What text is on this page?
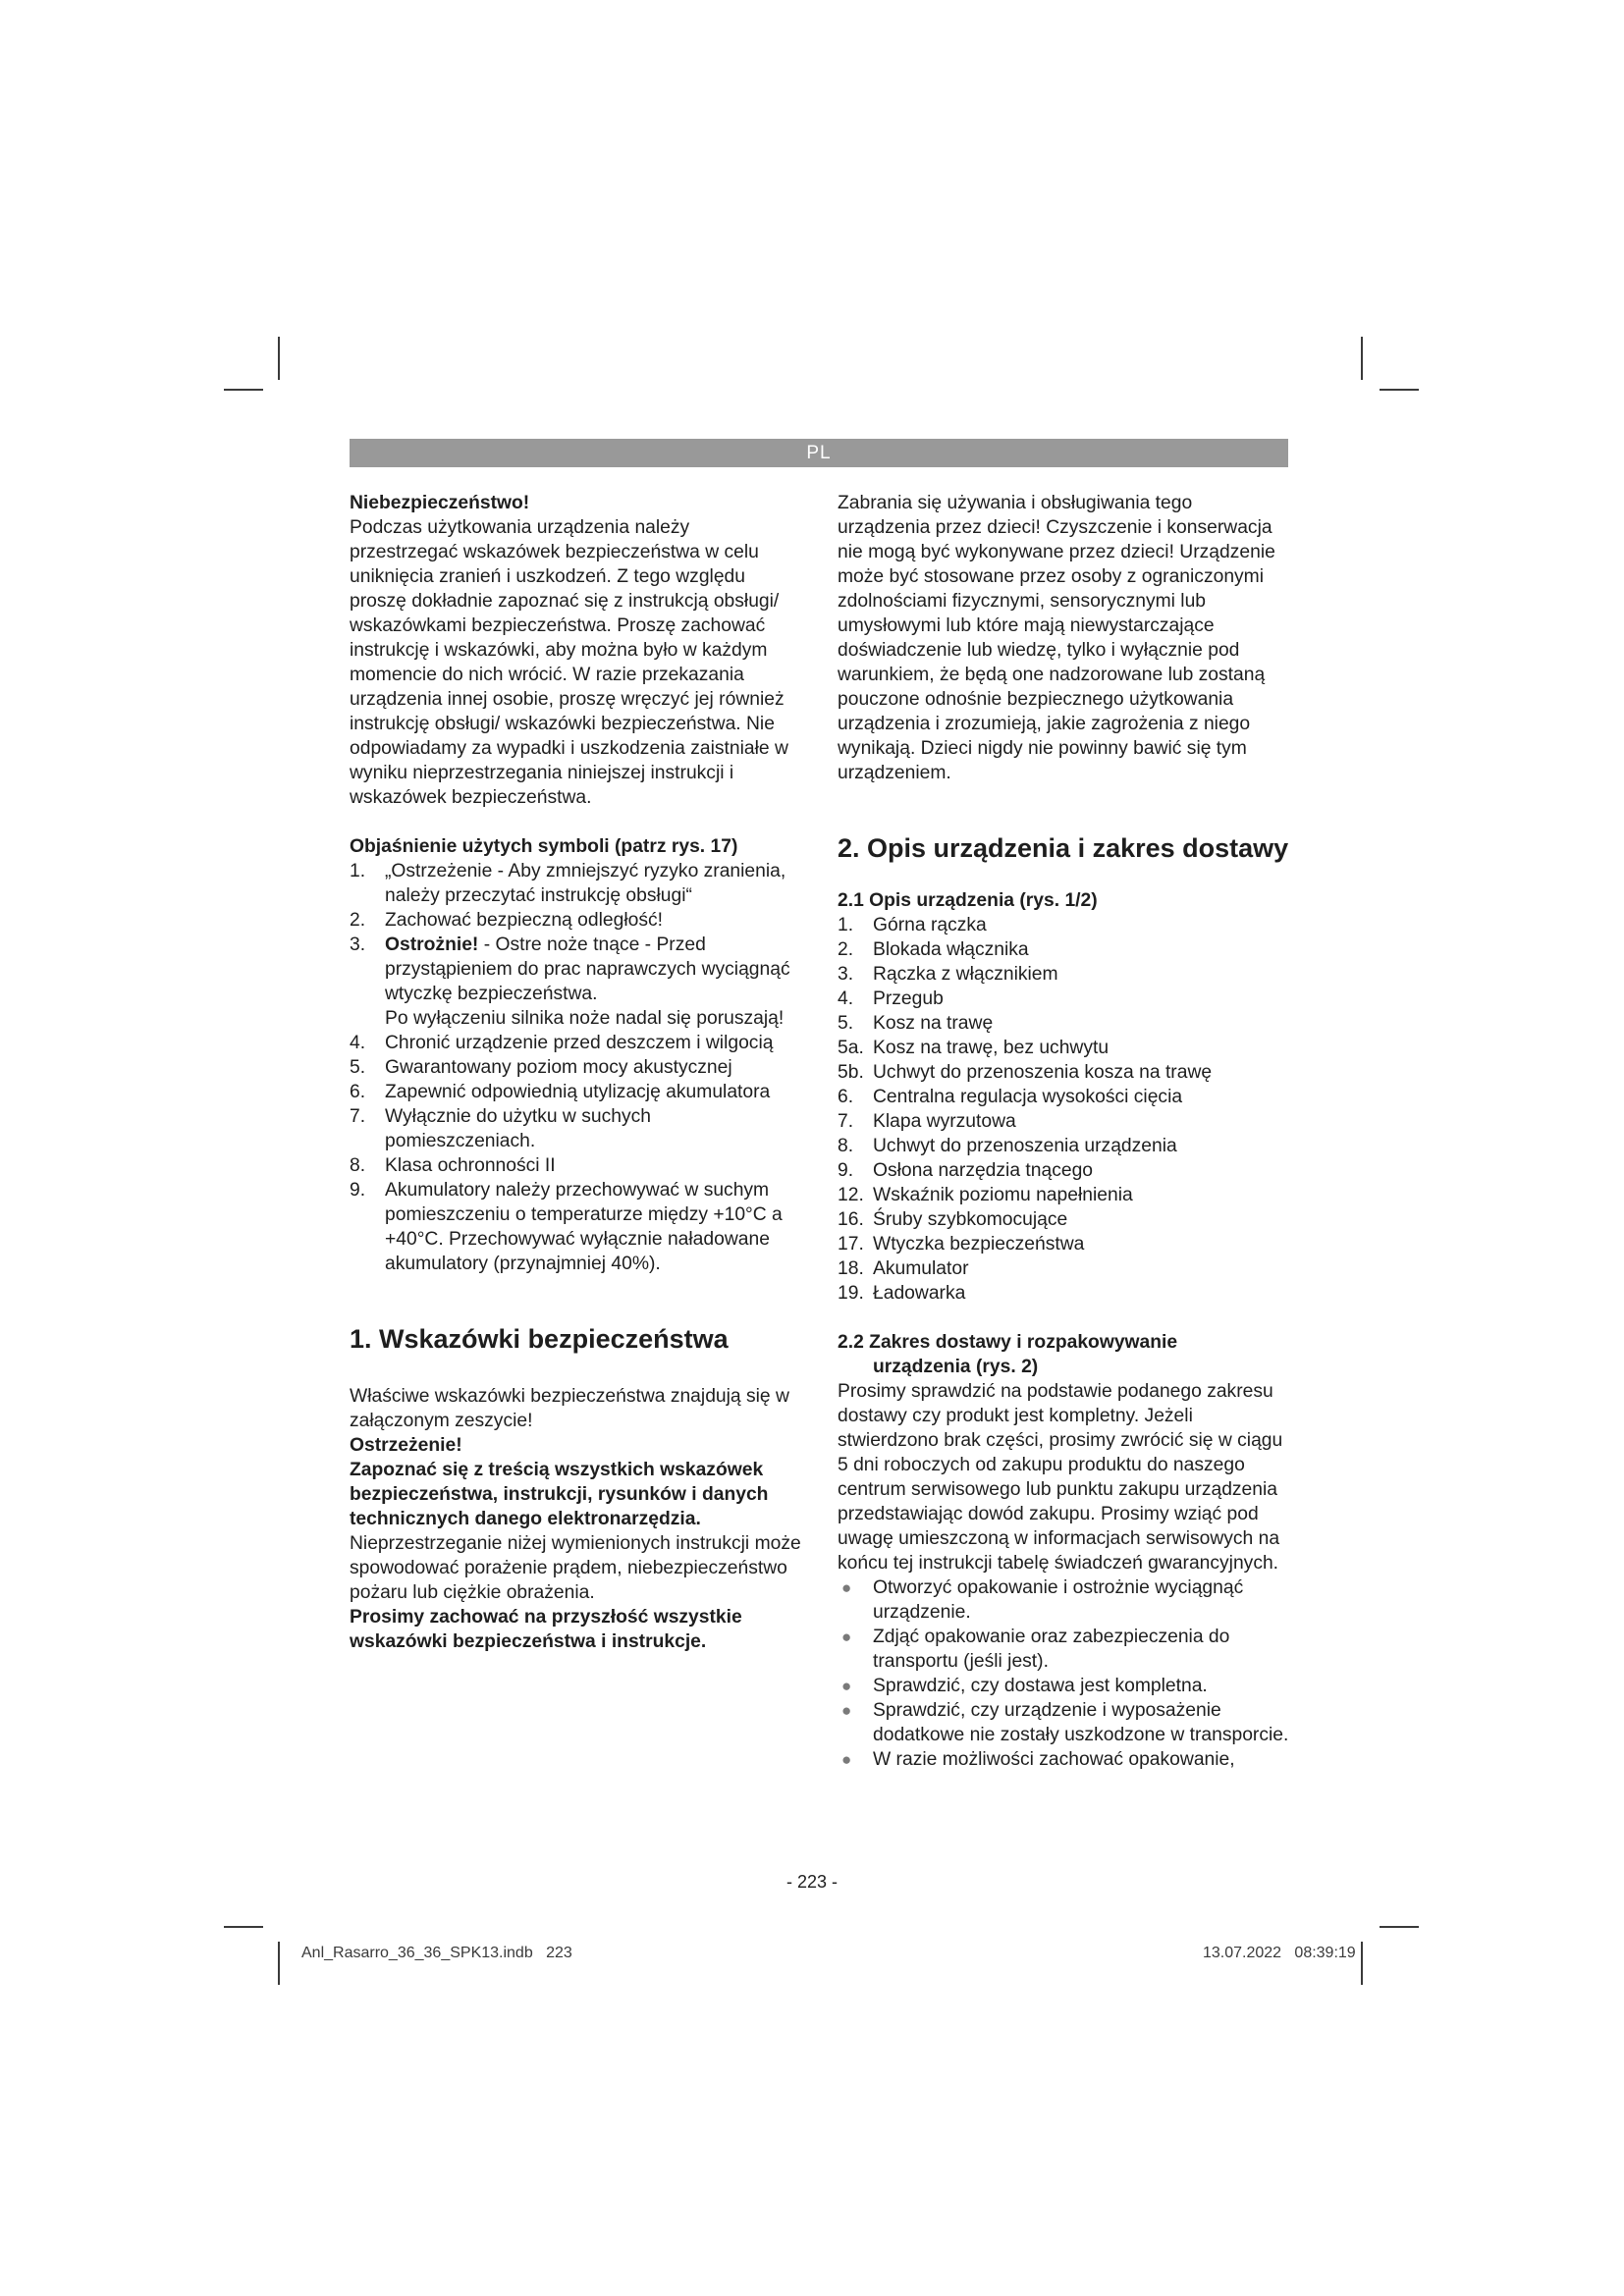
PL

Niebezpieczeństwo!

Podczas użytkowania urządzenia należy przestrzegać wskazówek bezpieczeństwa w celu uniknięcia zranień i uszkodzeń. Z tego względu proszę dokładnie zapoznać się z instrukcją obsługi/ wskazówkami bezpieczeństwa. Proszę zachować instrukcję i wskazówki, aby można było w każdym momencie do nich wrócić. W razie przekazania urządzenia innej osobie, proszę wręczyć jej również instrukcję obsługi/ wskazówki bezpieczeństwa. Nie odpowiadamy za wypadki i uszkodzenia zaistniałe w wyniku nieprzestrzegania niniejszej instrukcji i wskazówek bezpieczeństwa.

Objaśnienie użytych symboli (patrz rys. 17)

1. „Ostrzeżenie - Aby zmniejszyć ryzyko zranienia, należy przeczytać instrukcję obsługi“
2. Zachować bezpieczną odległość!
3. Ostrożnie! - Ostre noże tnące - Przed przystąpieniem do prac naprawczych wyciągnąć wtyczkę bezpieczeństwa.
Po wyłączeniu silnika noże nadal się poruszają!
4. Chronić urządzenie przed deszczem i wilgocią
5. Gwarantowany poziom mocy akustycznej
6. Zapewnić odpowiednią utylizację akumulatora
7. Wyłącznie do użytku w suchych pomieszczeniach.
8. Klasa ochronności II
9. Akumulatory należy przechowywać w suchym pomieszczeniu o temperaturze między +10°C a +40°C. Przechowywać wyłącznie naładowane akumulatory (przynajmniej 40%).

1. Wskazówki bezpieczeństwa

Właściwe wskazówki bezpieczeństwa znajdują się w załączonym zeszycie!

Ostrzeżenie!

Zapoznać się z treścią wszystkich wskazówek bezpieczeństwa, instrukcji, rysunków i danych technicznych danego elektronarzędzia. Nieprzestrzeganie niżej wymienionych instrukcji może spowodować porażenie prądem, niebezpieczeństwo pożaru lub ciężkie obrażenia.

Prosimy zachować na przyszłość wszystkie wskazówki bezpieczeństwa i instrukcje.

Zabrania się używania i obsługiwania tego urządzenia przez dzieci! Czyszczenie i konserwacja nie mogą być wykonywane przez dzieci! Urządzenie może być stosowane przez osoby z ograniczonymi zdolnościami fizycznymi, sensorycznymi lub umysłowymi lub które mają niewystarczające doświadczenie lub wiedzę, tylko i wyłącznie pod warunkiem, że będą one nadzorowane lub zostaną pouczone odnośnie bezpiecznego użytkowania urządzenia i zrozumieją, jakie zagrożenia z niego wynikają. Dzieci nigdy nie powinny bawić się tym urządzeniem.

2. Opis urządzenia i zakres dostawy

2.1 Opis urządzenia (rys. 1/2)

1. Górna rączka
2. Blokada włącznika
3. Rączka z włącznikiem
4. Przegub
5. Kosz na trawę
5a. Kosz na trawę, bez uchwytu
5b. Uchwyt do przenoszenia kosza na trawę
6. Centralna regulacja wysokości cięcia
7. Klapa wyrzutowa
8. Uchwyt do przenoszenia urządzenia
9. Osłona narzędzia tnącego
12. Wskaźnik poziomu napełnienia
16. Śruby szybkomocujące
17. Wtyczka bezpieczeństwa
18. Akumulator
19. Ładowarka

2.2 Zakres dostawy i rozpakowywanie
urządzenia (rys. 2)

Prosimy sprawdzić na podstawie podanego zakresu dostawy czy produkt jest kompletny. Jeżeli stwierdzono brak części, prosimy zwrócić się w ciągu 5 dni roboczych od zakupu produktu do naszego centrum serwisowego lub punktu zakupu urządzenia przedstawiając dowód zakupu. Prosimy wziąć pod uwagę umieszczoną w informacjach serwisowych na końcu tej instrukcji tabelę świadczeń gwarancyjnych.

● Otworzyć opakowanie i ostrożnie wyciągnąć urządzenie.
● Zdjąć opakowanie oraz zabezpieczenia do transportu (jeśli jest).
● Sprawdzić, czy dostawa jest kompletna.
● Sprawdzić, czy urządzenie i wyposażenie dodatkowe nie zostały uszkodzone w transporcie.
● W razie możliwości zachować opakowanie,
- 223 -
Anl_Rasarro_36_36_SPK13.indb   223	13.07.2022   08:39:19
